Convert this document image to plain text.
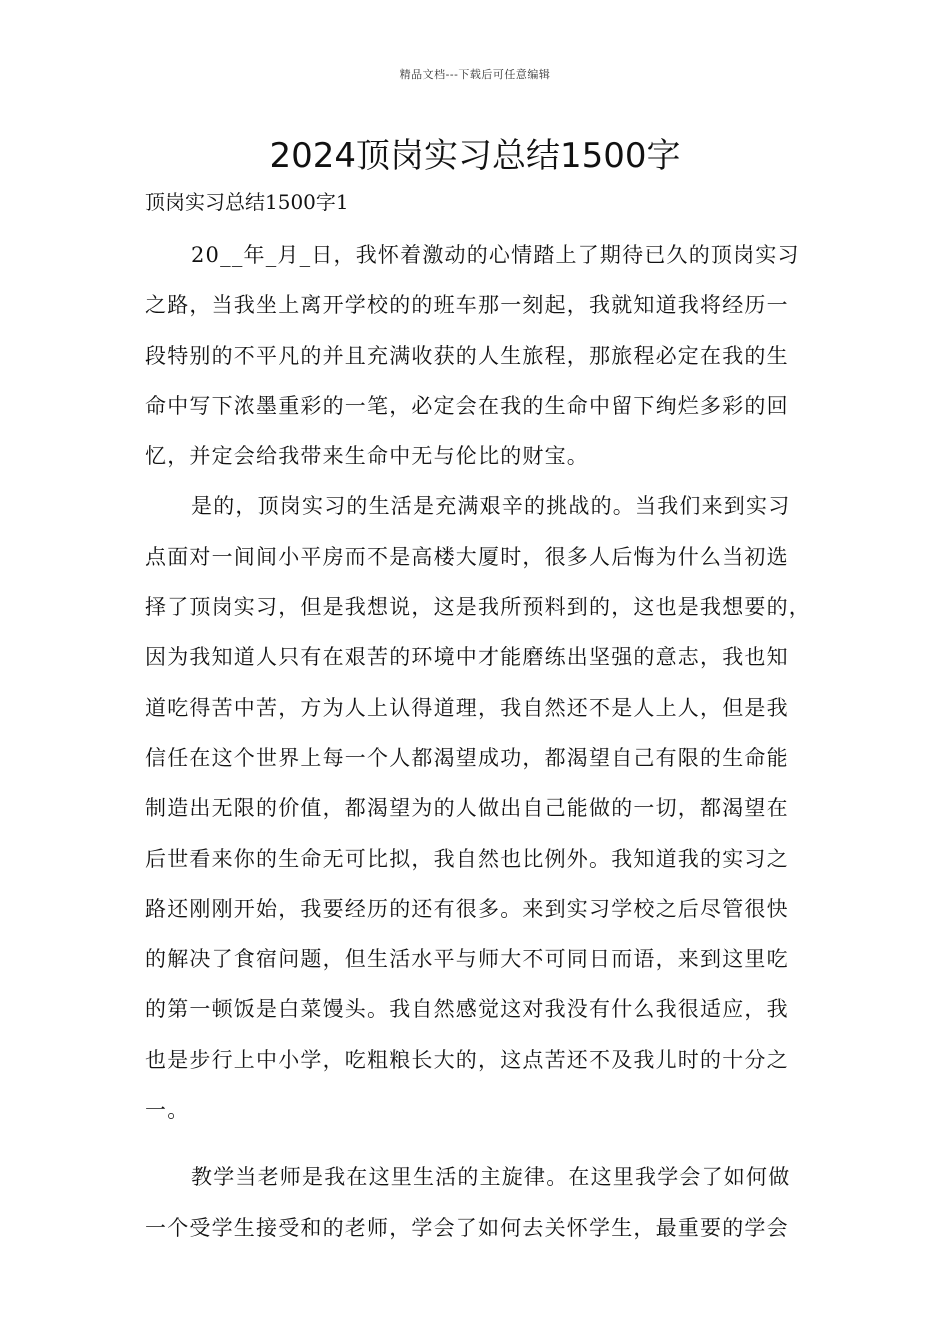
精品文档---下载后可任意编辑
2024顶岗实习总结1500字
顶岗实习总结1500字1
20__年_月_日，我怀着激动的心情踏上了期待已久的顶岗实习
之路，当我坐上离开学校的的班车那一刻起，我就知道我将经历一
段特别的不平凡的并且充满收获的人生旅程，那旅程必定在我的生
命中写下浓墨重彩的一笔，必定会在我的生命中留下绚烂多彩的回
忆，并定会给我带来生命中无与伦比的财宝。
是的，顶岗实习的生活是充满艰辛的挑战的。当我们来到实习
点面对一间间小平房而不是高楼大厦时，很多人后悔为什么当初选
择了顶岗实习，但是我想说，这是我所预料到的，这也是我想要的，
因为我知道人只有在艰苦的环境中才能磨练出坚强的意志，我也知
道吃得苦中苦，方为人上认得道理，我自然还不是人上人，但是我
信任在这个世界上每一个人都渴望成功，都渴望自己有限的生命能
制造出无限的价值，都渴望为的人做出自己能做的一切，都渴望在
后世看来你的生命无可比拟，我自然也比例外。我知道我的实习之
路还刚刚开始，我要经历的还有很多。来到实习学校之后尽管很快
的解决了食宿问题，但生活水平与师大不可同日而语，来到这里吃
的第一顿饭是白菜馒头。我自然感觉这对我没有什么我很适应，我
也是步行上中小学，吃粗粮长大的，这点苦还不及我儿时的十分之
一。
教学当老师是我在这里生活的主旋律。在这里我学会了如何做
一个受学生接受和的老师，学会了如何去关怀学生，最重要的学会
